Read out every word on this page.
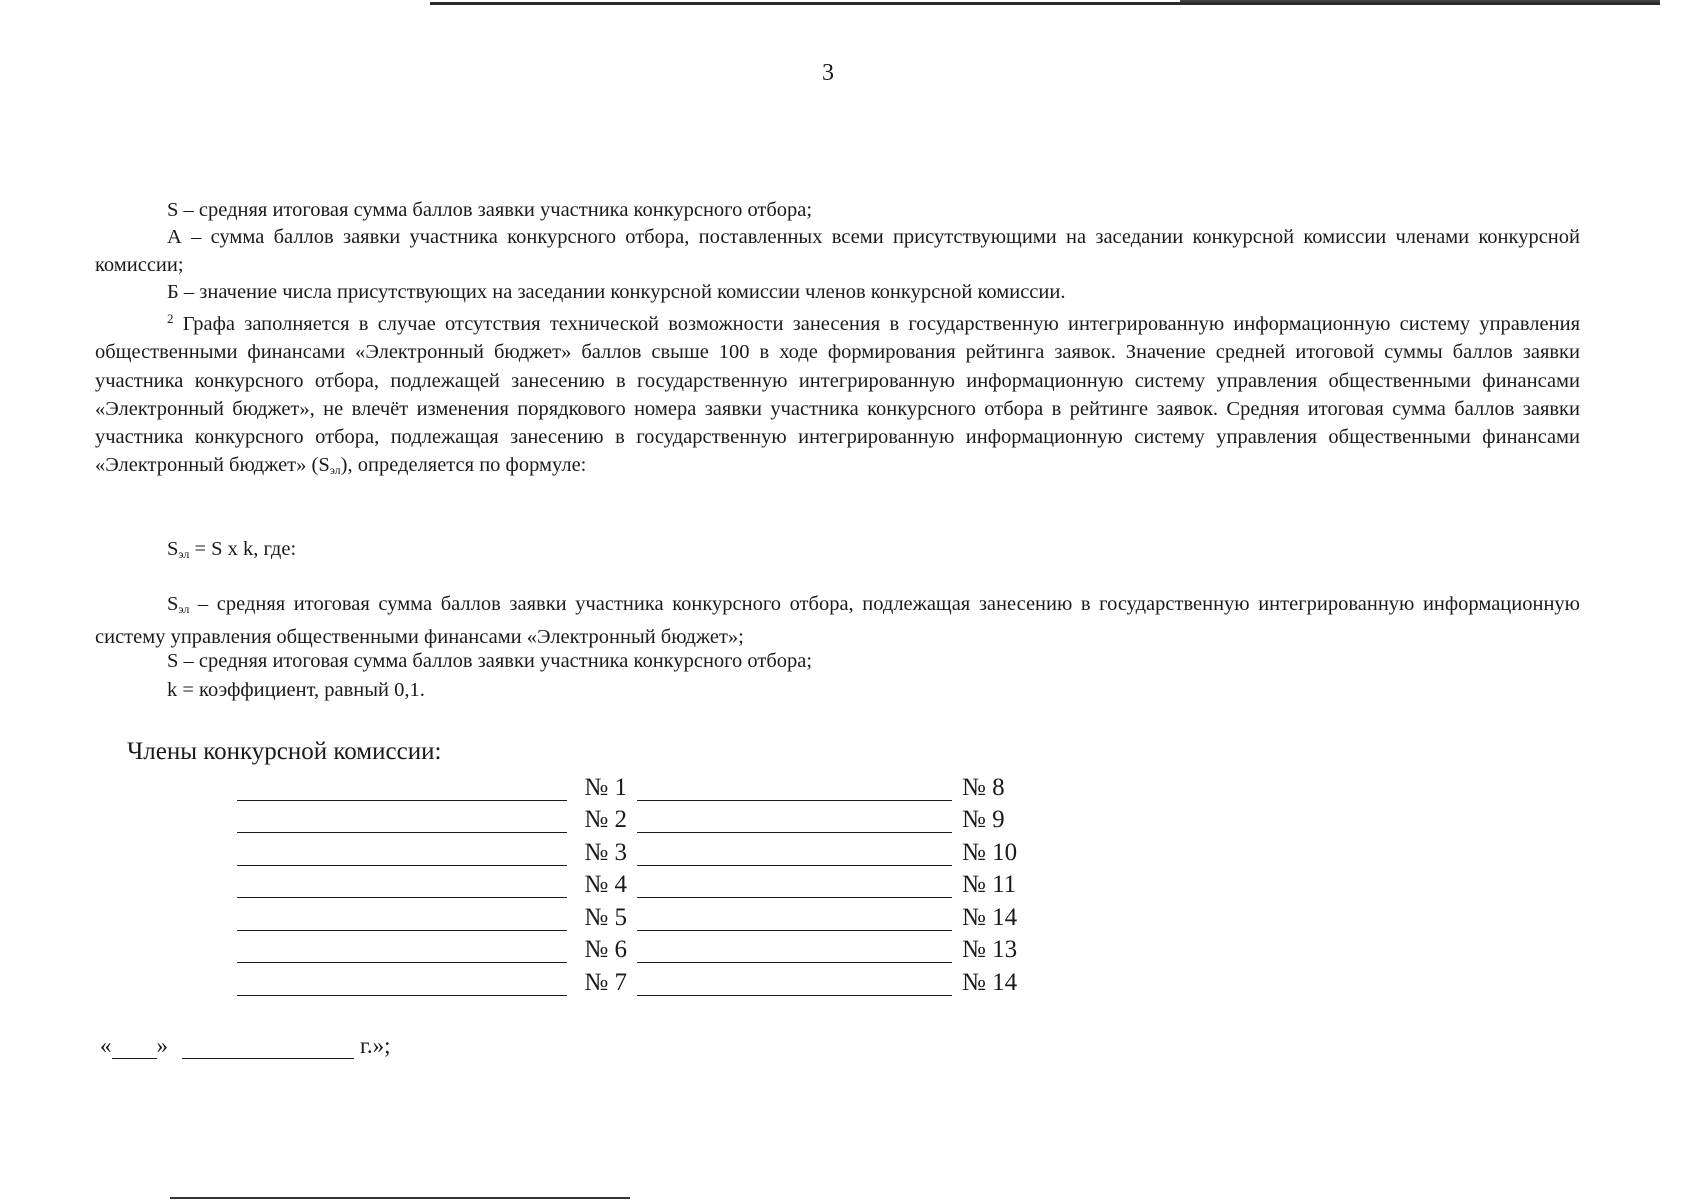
3
S – средняя итоговая сумма баллов заявки участника конкурсного отбора;
А – сумма баллов заявки участника конкурсного отбора, поставленных всеми присутствующими на заседании конкурсной комиссии членами конкурсной комиссии;
Б – значение числа присутствующих на заседании конкурсной комиссии членов конкурсной комиссии.
$^2$ Графа заполняется в случае отсутствия технической возможности занесения в государственную интегрированную информационную систему управления общественными финансами «Электронный бюджет» баллов свыше 100 в ходе формирования рейтинга заявок. Значение средней итоговой суммы баллов заявки участника конкурсного отбора, подлежащей занесению в государственную интегрированную информационную систему управления общественными финансами «Электронный бюджет», не влечёт изменения порядкового номера заявки участника конкурсного отбора в рейтинге заявок. Средняя итоговая сумма баллов заявки участника конкурсного отбора, подлежащая занесению в государственную интегрированную информационную систему управления общественными финансами «Электронный бюджет» $(S_{эл})$, определяется по формуле:
$S_{эл} = S$ x k, где:
$S_{эл}$ – средняя итоговая сумма баллов заявки участника конкурсного отбора, подлежащая занесению в государственную интегрированную информационную систему управления общественными финансами «Электронный бюджет»;
S – средняя итоговая сумма баллов заявки участника конкурсного отбора;
k = коэффициент, равный 0,1.
Члены конкурсной комиссии:
№ 1	№ 8
№ 2	№ 9
№ 3	№ 10
№ 4	№ 11
№ 5	№ 14
№ 6	№ 13
№ 7	№ 14
« »	г.»;
